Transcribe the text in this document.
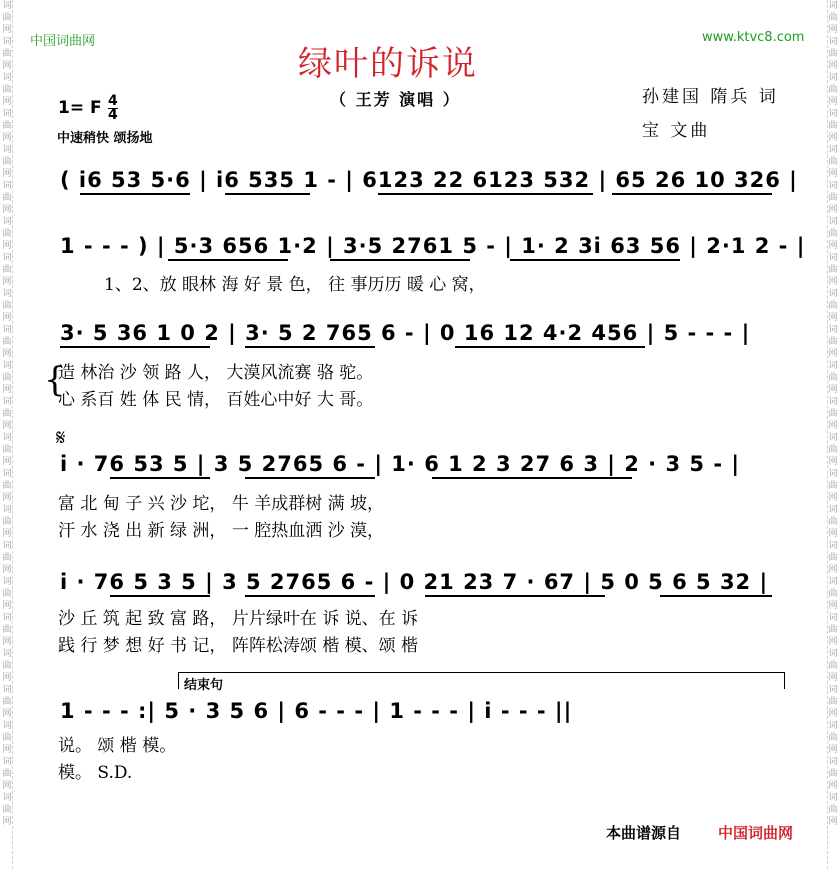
词
曲
网
词
曲
网
词
曲
网
词
曲
网
词
曲
网
词
曲
网
词
曲
网
词
曲
网
词
曲
网
词
曲
网
词
曲
网
词
曲
网
词
曲
网
词
曲
网
词
曲
网
词
曲
网
词
曲
网
词
曲
网
词
曲
网
词
曲
网
词
曲
网
词
曲
网
词
曲
网
词
曲
网
词
曲
网
词
曲
网
词
曲
网
词
曲
网
词
曲
网
词
曲
网
词
曲
网
词
曲
网
词
曲
网
词
曲
网
词
曲
网
词
曲
网
词
曲
网
词
曲
网
词
曲
网
词
曲
网
词
曲
网
词
曲
网
词
曲
网
词
曲
网
词
曲
网
词
曲
网
中国词曲网	www.ktvc8.com
绿叶的诉说
（ 王芳 演唱 ）	孙建国 隋兵 词
宝 文曲
1= F $\frac{4}{4}$
中速稍快 颂扬地
( i6 53 5·6 | i6 535 1 - | 6123 22 6123 532 | 65 26 10 326 |
1 - - - ) | 5·3 656 1·2 | 3·5 2761 5 - | 1· 2 3i 63 56 | 2·1 2 - |
1、2、放 眼林 海 好 景 色， 往 事历历 暖 心 窝，
3· 5 36 1 0 2 | 3· 5 2 765 6 - | 0 16 12 4·2 456 | 5 - - - |
造 林治 沙 领 路 人， 大漠风流赛 骆 驼。
心 系百 姓 体 民 情， 百姓心中好 大 哥。
{
𝄋
i · 76 53 5 | 3 5 2765 6 - | 1· 6 1 2 3 27 6 3 | 2 · 3 5 - |
富 北 甸 子 兴 沙 坨， 牛 羊成群树 满 坡，
汗 水 浇 出 新 绿 洲， 一 腔热血洒 沙 漠，
i · 76 5 3 5 | 3 5 2765 6 - | 0 21 23 7 · 67 | 5 0 5 6 5 32 |
沙 丘 筑 起 致 富 路， 片片绿叶在 诉 说、在 诉
践 行 梦 想 好 书 记， 阵阵松涛颂 楷 模、颂 楷
结束句
1 - - - :| 5 · 3 5 6 | 6 - - - | 1 - - - | i - - - ||
说。 颂 楷 模。
模。 S.D.
本曲谱源自 中国词曲网
